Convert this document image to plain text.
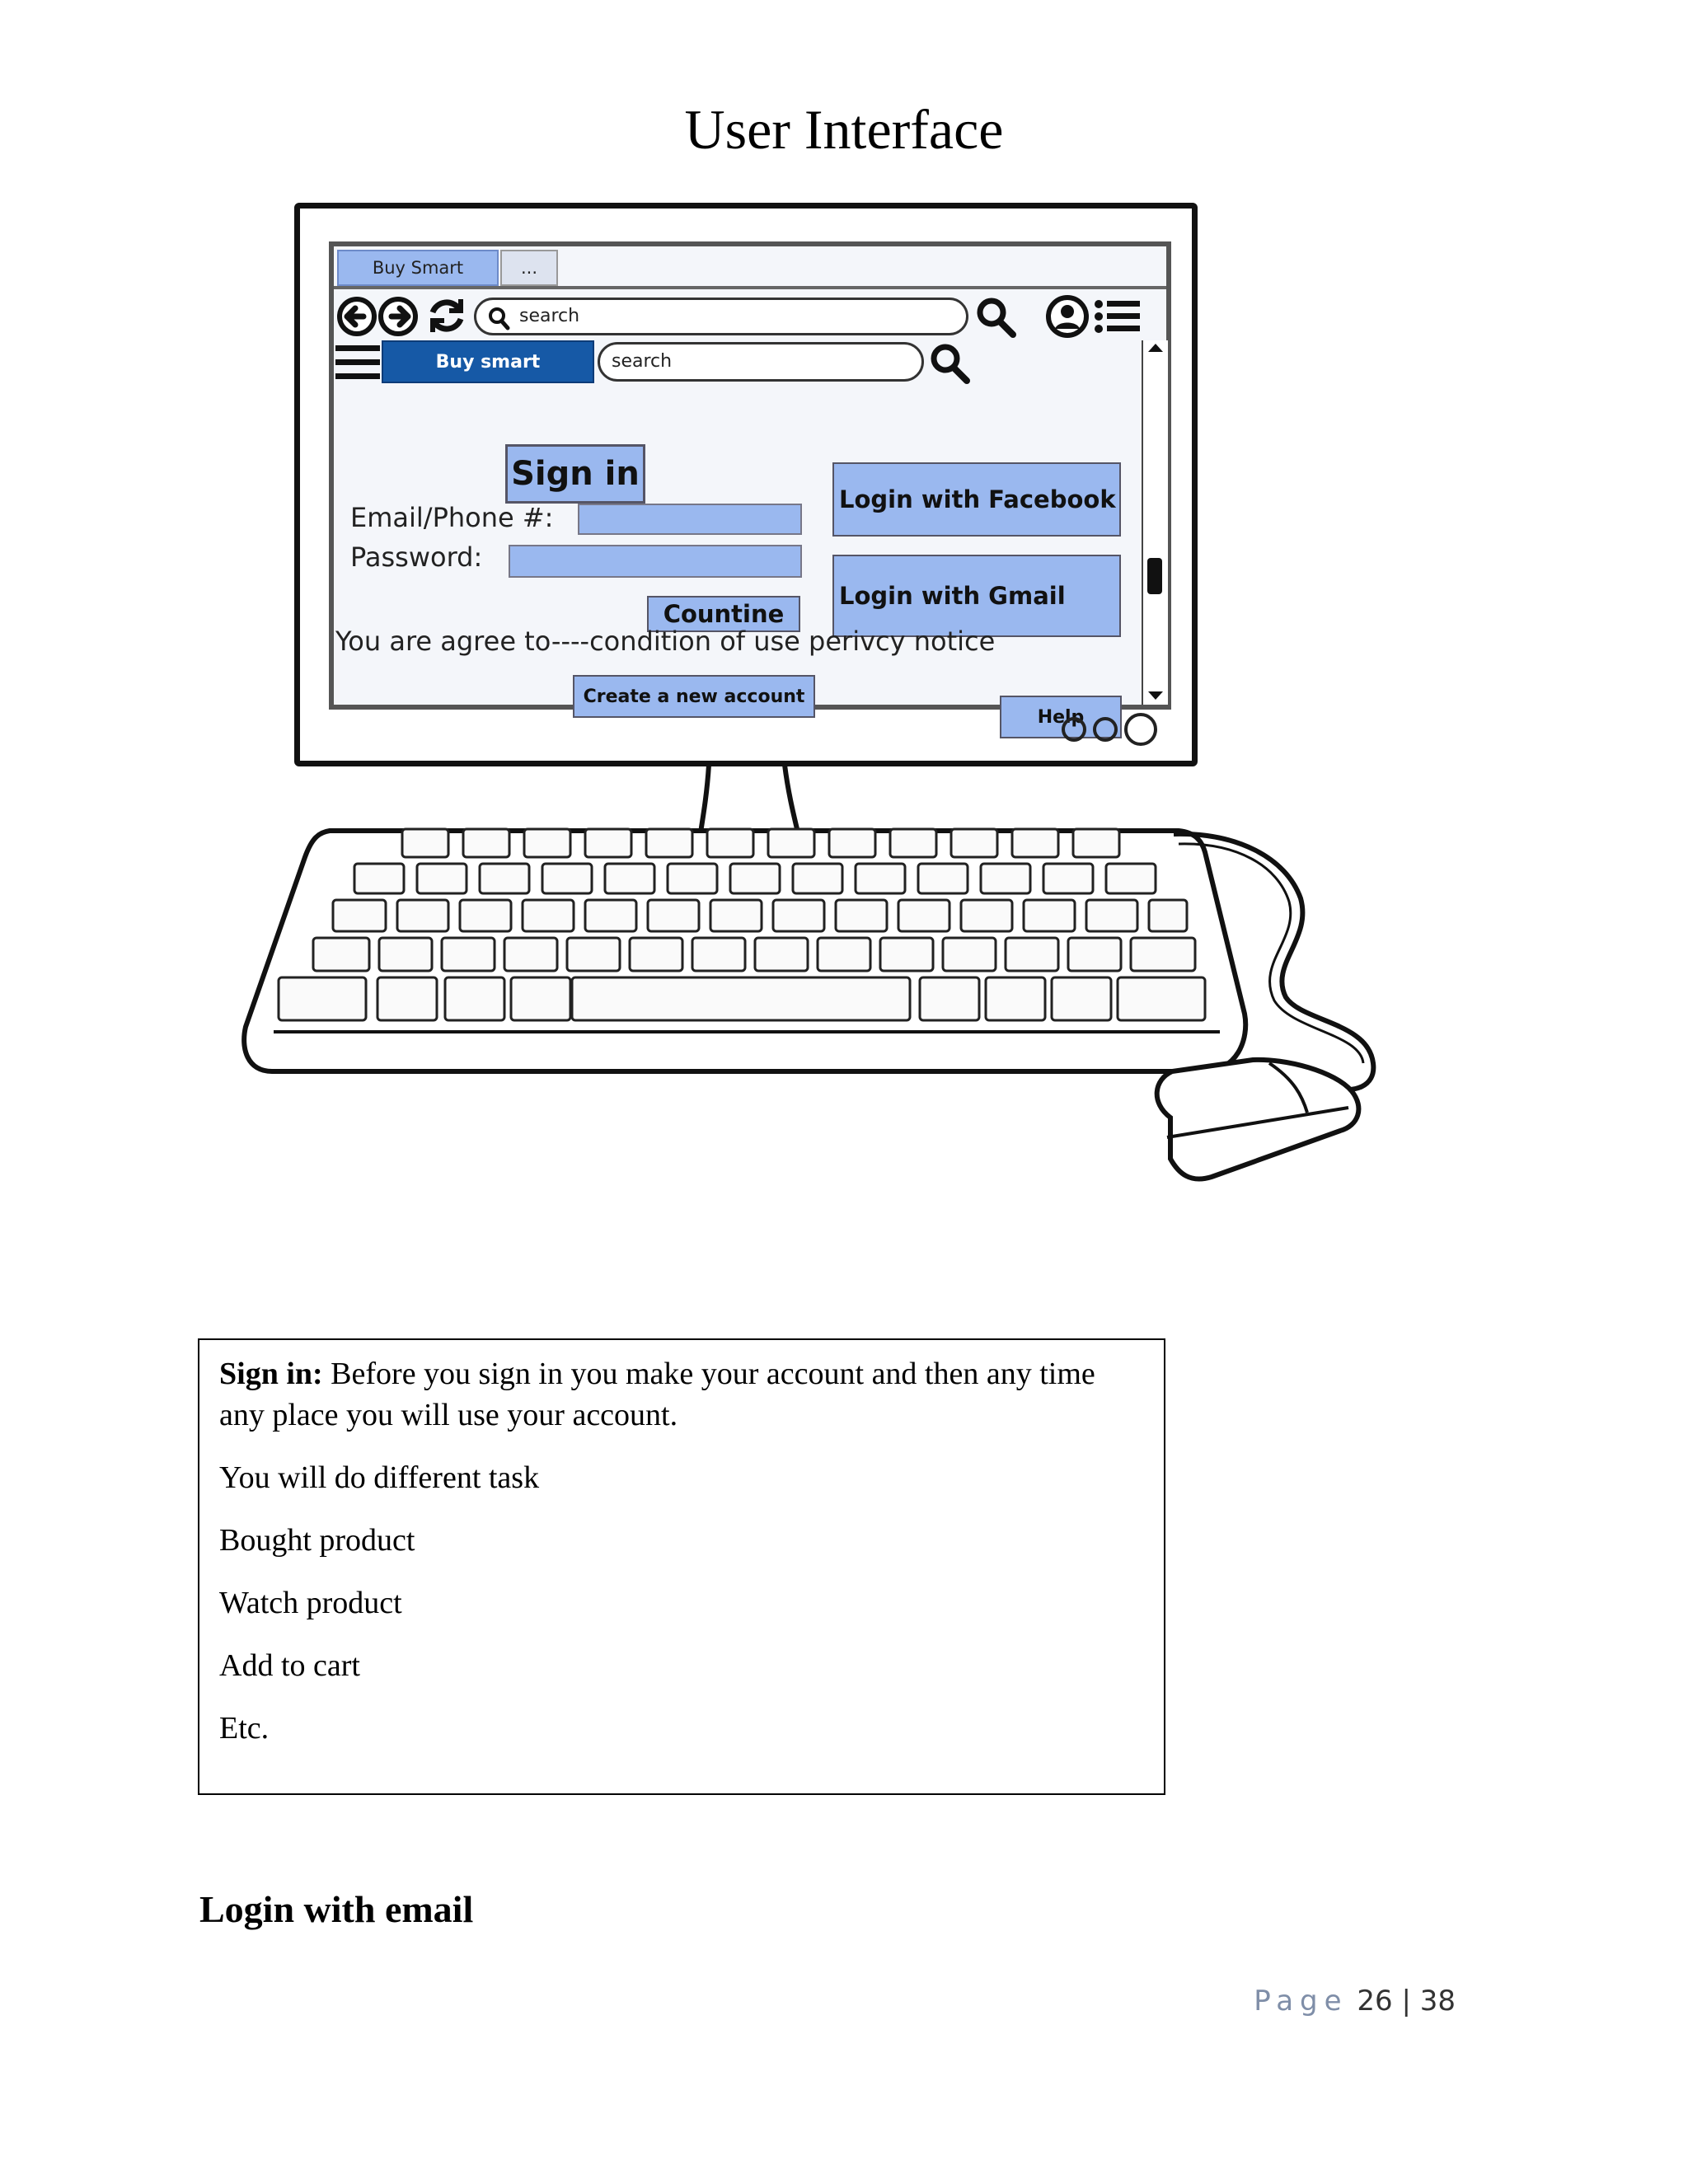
User Interface
Buy Smart	...
search
Buy smart	search
Sign in
Login with Facebook
Login with Gmail
Email/Phone #:
Password:
Countine
You are agree to----condition of use perivcy notice
Create a new account
Help

Sign in: Before you sign in you make your account and then any time any place you will use your account.

You will do different task

Bought product

Watch product

Add to cart

Etc.

Login with email
Page 26 | 38
